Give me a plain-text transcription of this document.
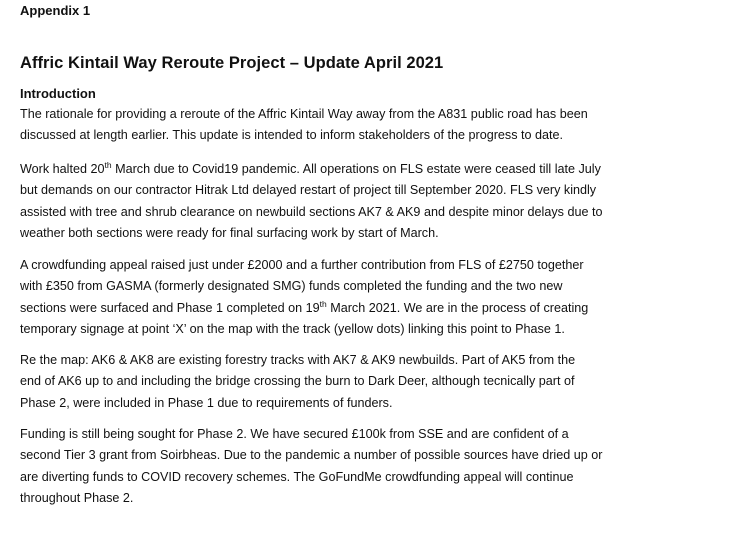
Appendix 1
Affric Kintail Way Reroute Project – Update April 2021
Introduction
The rationale for providing a reroute of the Affric Kintail Way away from the A831 public road has been
discussed at length earlier. This update is intended to inform stakeholders of the progress to date.
Work halted 20th March due to Covid19 pandemic. All operations on FLS estate were ceased till late July
but demands on our contractor Hitrak Ltd delayed restart of project till September 2020. FLS very kindly
assisted with tree and shrub clearance on newbuild sections AK7 & AK9 and despite minor delays due to
weather both sections were ready for final surfacing work by start of March.
A crowdfunding appeal raised just under £2000 and a further contribution from FLS of £2750 together
with £350 from GASMA (formerly designated SMG) funds completed the funding and the two new
sections were surfaced and Phase 1 completed on 19th March 2021. We are in the process of creating
temporary signage at point ‘X’ on the map with the track (yellow dots) linking this point to Phase 1.
Re the map: AK6 & AK8 are existing forestry tracks with AK7 & AK9 newbuilds. Part of AK5 from the
end of AK6 up to and including the bridge crossing the burn to Dark Deer, although tecnically part of
Phase 2, were included in Phase 1 due to requirements of funders.
Funding is still being sought for Phase 2. We have secured £100k from SSE and are confident of a
second Tier 3 grant from Soirbheas. Due to the pandemic a number of possible sources have dried up or
are diverting funds to COVID recovery schemes. The GoFundMe crowdfunding appeal will continue
throughout Phase 2.
